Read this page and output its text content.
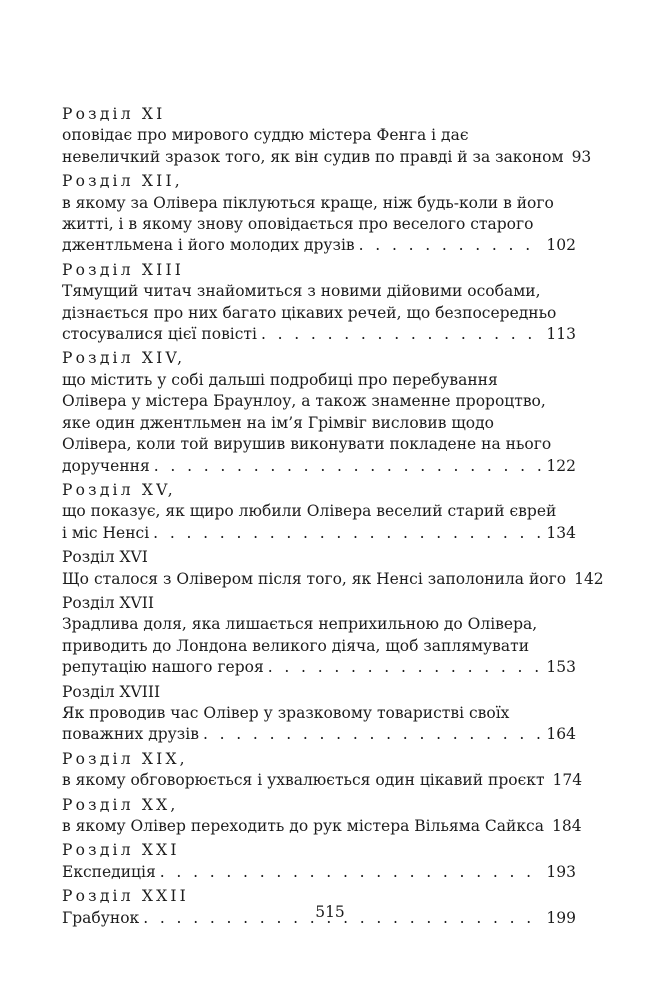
Розділ XI
оповідає про мирового суддю містера Фенга і дає
невеличкий зразок того, як він судив по правді й за законом 93
Розділ XII,
в якому за Олівера піклуються краще, ніж будь-коли в його
житті, і в якому знову оповідається про веселого старого
джентльмена і його молодих друзів . . .	102
Розділ XIII
Тямущий читач знайомиться з новими дійовими особами,
дізнається про них багато цікавих речей, що безпосередньо
стосувалися цієї повісті . . .	113
Розділ XIV,
що містить у собі дальші подробиці про перебування
Олівера у містера Браунлоу, а також знаменне пророцтво,
яке один джентльмен на ім’я Грімвіг висловив щодо
Олівера, коли той вирушив виконувати покладене на нього
доручення . . .	122
Розділ XV,
що показує, як щиро любили Олівера веселий старий єврей
і міс Ненсі . . .	134
Розділ XVI
Що сталося з Олівером після того, як Ненсі заполонила його 142
Розділ XVII
Зрадлива доля, яка лишається неприхильною до Олівера,
приводить до Лондона великого діяча, щоб заплямувати
репутацію нашого героя . . .	153
Розділ XVIII
Як проводив час Олівер у зразковому товаристві своїх
поважних друзів . . .	164
Розділ XIX,
в якому обговорюється і ухвалюється один цікавий проєкт 174
Розділ XX,
в якому Олівер переходить до рук містера Вільяма Сайкса 184
Розділ XXI
Експедиція . . .	193
Розділ XXII
Грабунок . . .	199
515
